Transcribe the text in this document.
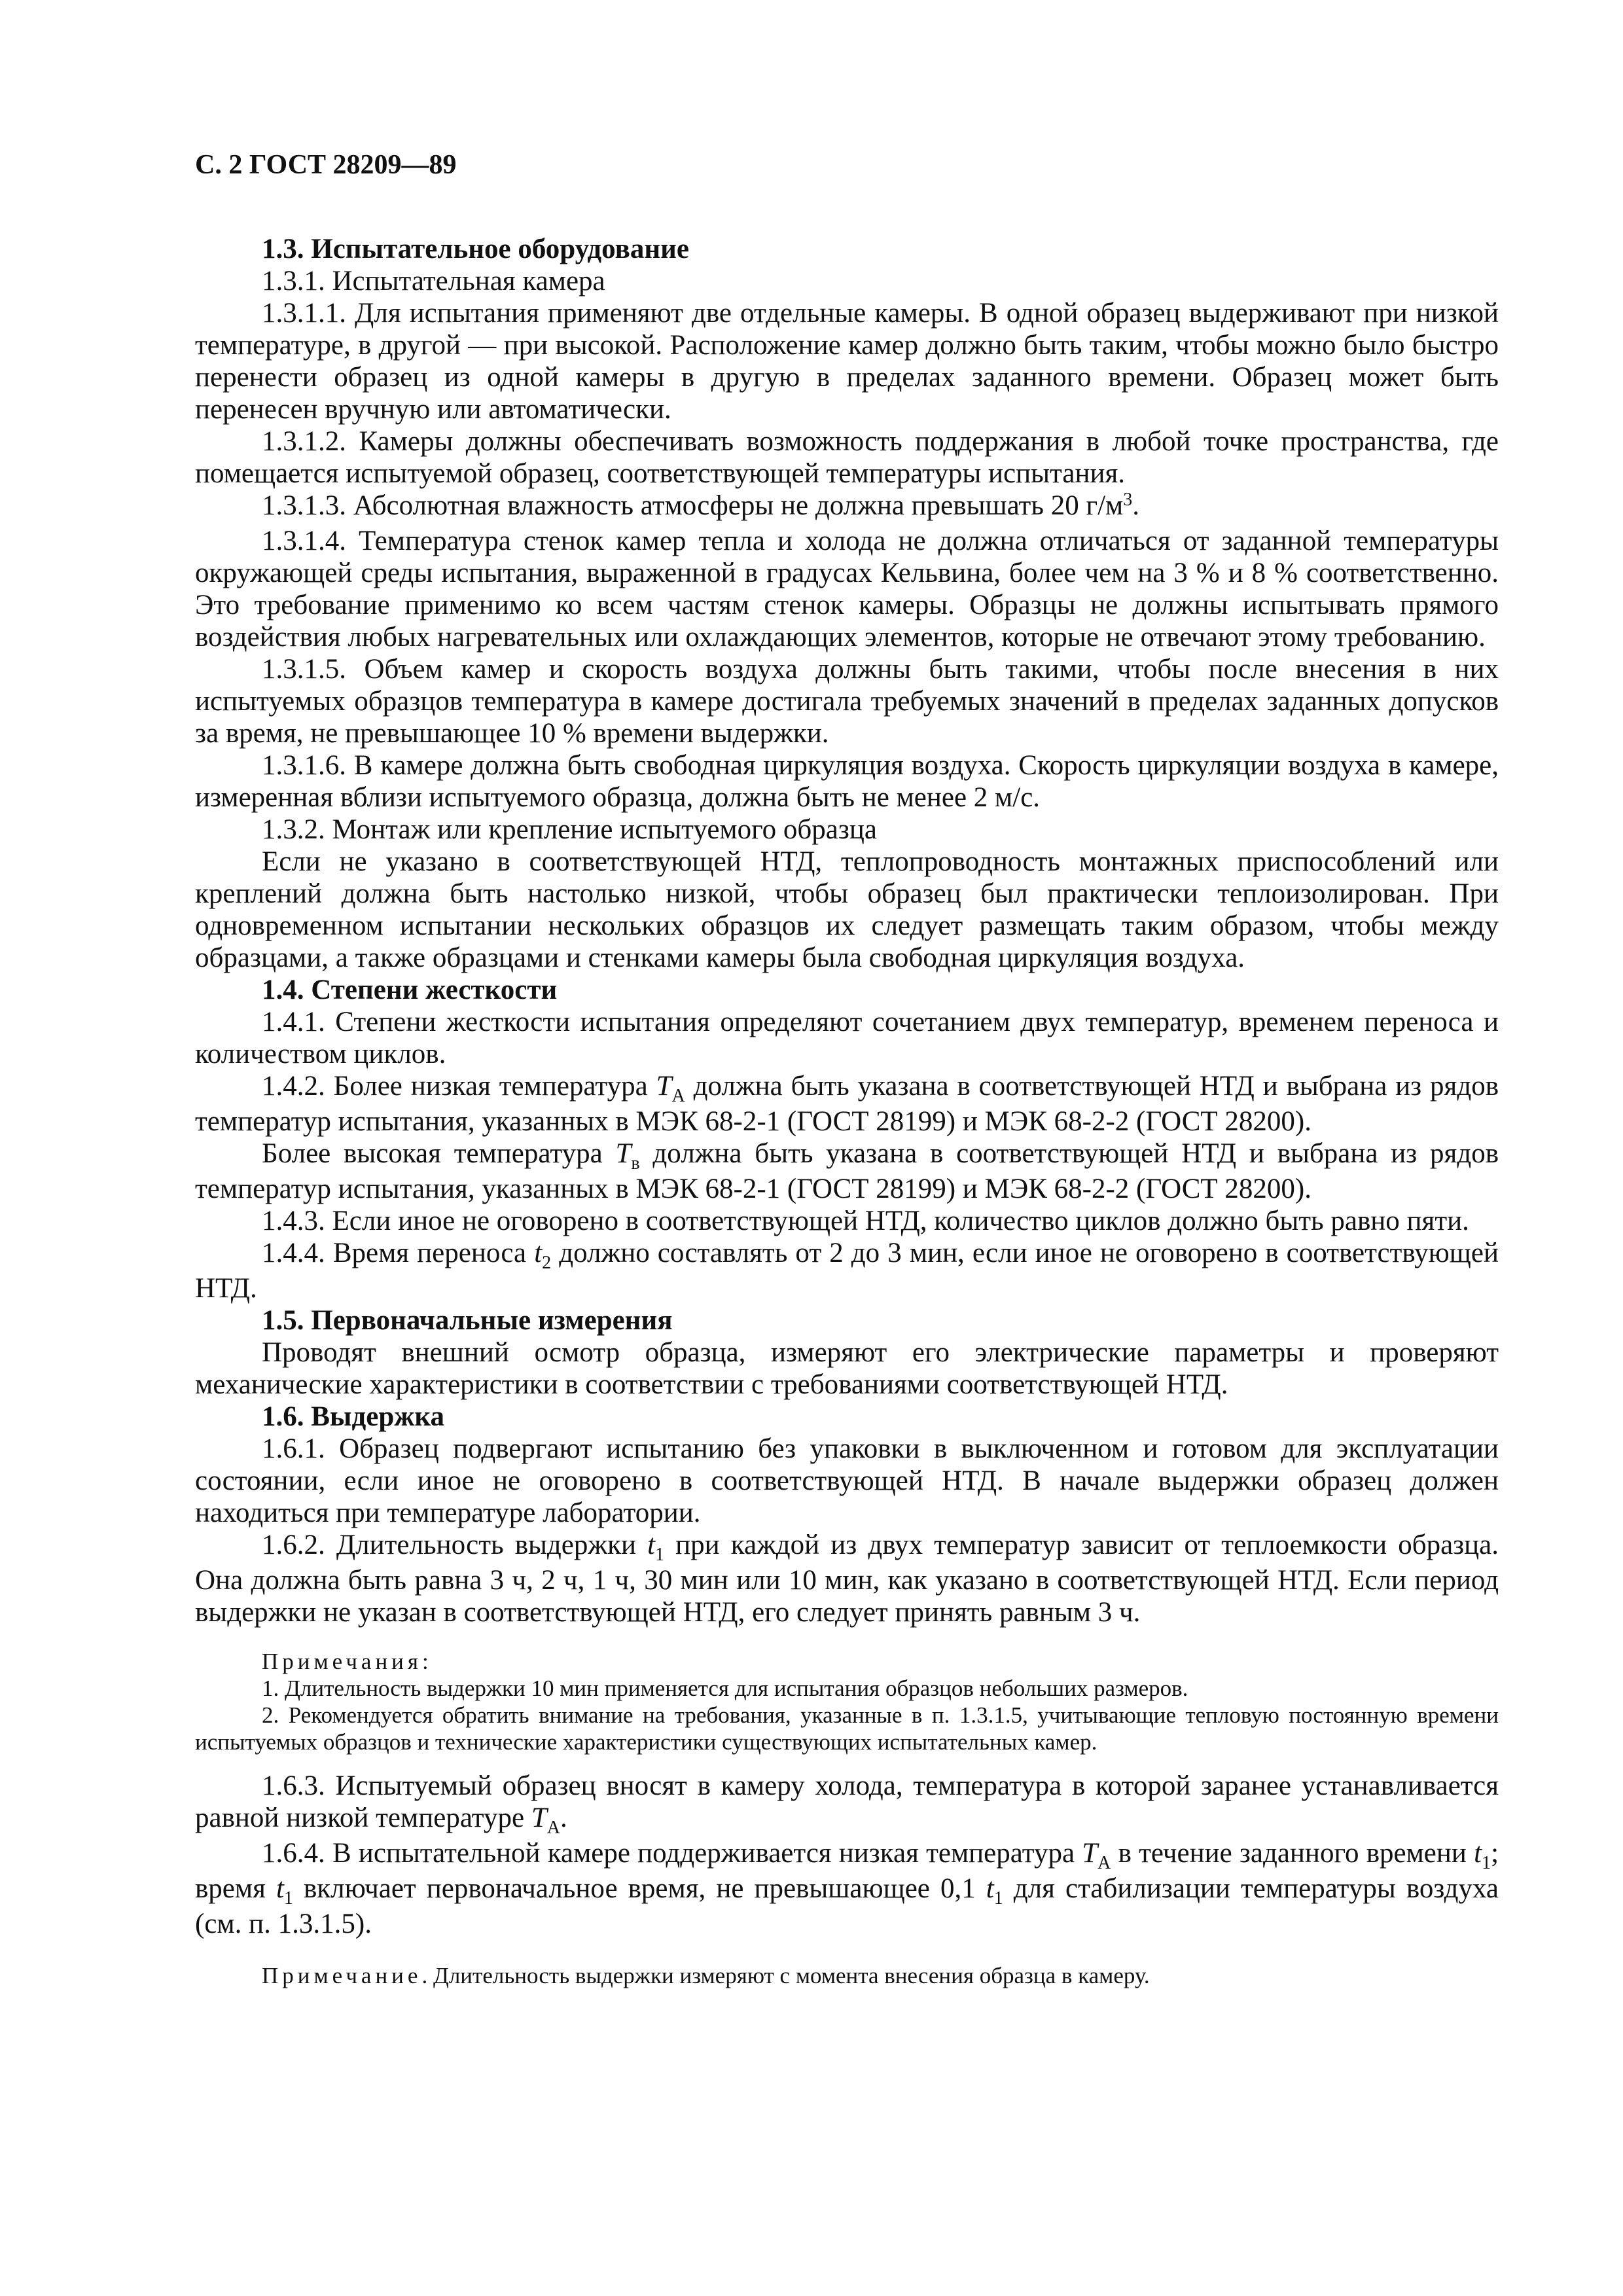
С. 2 ГОСТ 28209—89

1.3. Испытательное оборудование

1.3.1. Испытательная камера

1.3.1.1. Для испытания применяют две отдельные камеры. В одной образец выдерживают при низкой температуре, в другой — при высокой. Расположение камер должно быть таким, чтобы можно было быстро перенести образец из одной камеры в другую в пределах заданного времени. Образец может быть перенесен вручную или автоматически.

1.3.1.2. Камеры должны обеспечивать возможность поддержания в любой точке пространства, где помещается испытуемой образец, соответствующей температуры испытания.

1.3.1.3. Абсолютная влажность атмосферы не должна превышать 20 $г/м^3$.

1.3.1.4. Температура стенок камер тепла и холода не должна отличаться от заданной температуры окружающей среды испытания, выраженной в градусах Кельвина, более чем на 3 % и 8 % соответственно. Это требование применимо ко всем частям стенок камеры. Образцы не должны испытывать прямого воздействия любых нагревательных или охлаждающих элементов, которые не отвечают этому требованию.

1.3.1.5. Объем камер и скорость воздуха должны быть такими, чтобы после внесения в них испытуемых образцов температура в камере достигала требуемых значений в пределах заданных допусков за время, не превышающее 10 % времени выдержки.

1.3.1.6. В камере должна быть свободная циркуляция воздуха. Скорость циркуляции воздуха в камере, измеренная вблизи испытуемого образца, должна быть не менее 2 м/с.

1.3.2. Монтаж или крепление испытуемого образца

Если не указано в соответствующей НТД, теплопроводность монтажных приспособлений или креплений должна быть настолько низкой, чтобы образец был практически теплоизолирован. При одновременном испытании нескольких образцов их следует размещать таким образом, чтобы между образцами, а также образцами и стенками камеры была свободная циркуляция воздуха.

1.4. Степени жесткости

1.4.1. Степени жесткости испытания определяют сочетанием двух температур, временем переноса и количеством циклов.

1.4.2. Более низкая температура $T_A$ должна быть указана в соответствующей НТД и выбрана из рядов температур испытания, указанных в МЭК 68-2-1 (ГОСТ 28199) и МЭК 68-2-2 (ГОСТ 28200).

Более высокая температура $T_в$ должна быть указана в соответствующей НТД и выбрана из рядов температур испытания, указанных в МЭК 68-2-1 (ГОСТ 28199) и МЭК 68-2-2 (ГОСТ 28200).

1.4.3. Если иное не оговорено в соответствующей НТД, количество циклов должно быть равно пяти.

1.4.4. Время переноса $t_2$ должно составлять от 2 до 3 мин, если иное не оговорено в соответствующей НТД.

1.5. Первоначальные измерения

Проводят внешний осмотр образца, измеряют его электрические параметры и проверяют механические характеристики в соответствии с требованиями соответствующей НТД.

1.6. Выдержка

1.6.1. Образец подвергают испытанию без упаковки в выключенном и готовом для эксплуатации состоянии, если иное не оговорено в соответствующей НТД. В начале выдержки образец должен находиться при температуре лаборатории.

1.6.2. Длительность выдержки $t_1$ при каждой из двух температур зависит от теплоемкости образца. Она должна быть равна 3 ч, 2 ч, 1 ч, 30 мин или 10 мин, как указано в соответствующей НТД. Если период выдержки не указан в соответствующей НТД, его следует принять равным 3 ч.

Примечания:

1. Длительность выдержки 10 мин применяется для испытания образцов небольших размеров.

2. Рекомендуется обратить внимание на требования, указанные в п. 1.3.1.5, учитывающие тепловую постоянную времени испытуемых образцов и технические характеристики существующих испытательных камер.

1.6.3. Испытуемый образец вносят в камеру холода, температура в которой заранее устанавливается равной низкой температуре $T_A$.

1.6.4. В испытательной камере поддерживается низкая температура $T_A$ в течение заданного времени $t_1$; время $t_1$ включает первоначальное время, не превышающее 0,1 $t_1$ для стабилизации температуры воздуха (см. п. 1.3.1.5).

Примечание. Длительность выдержки измеряют с момента внесения образца в камеру.
